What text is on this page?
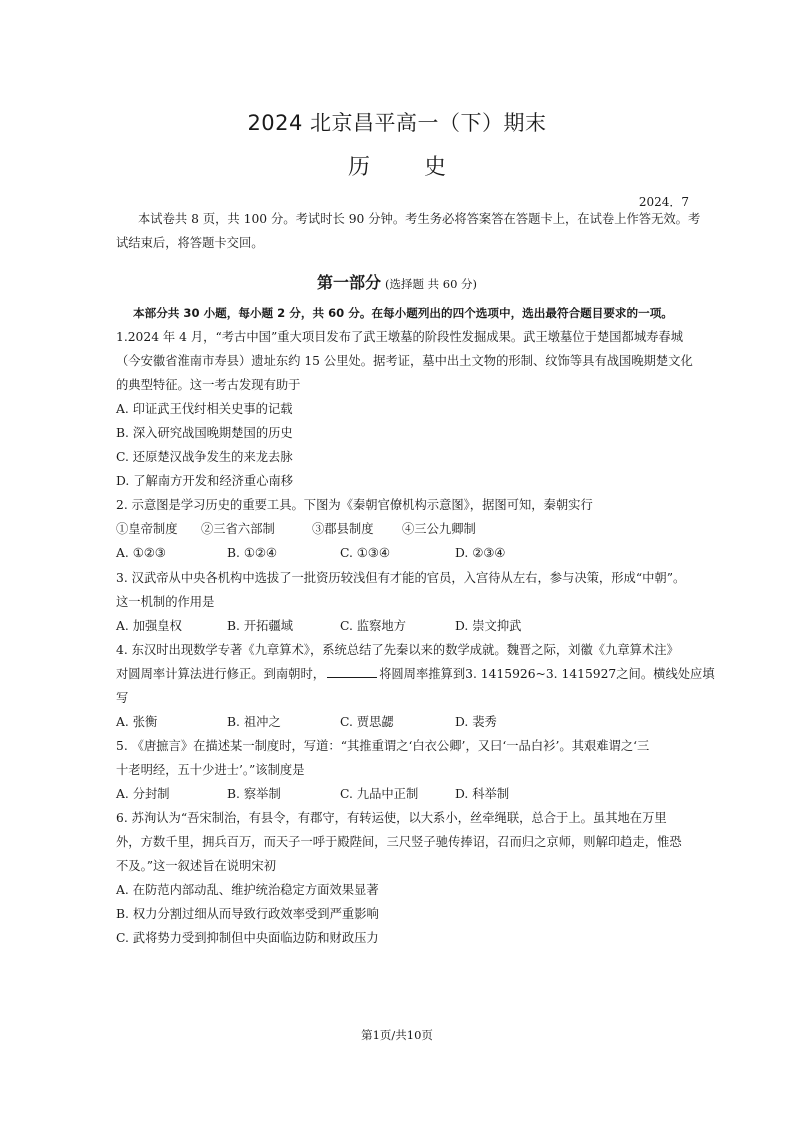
2024 北京昌平高一（下）期末
历 史
2024．7
本试卷共 8 页，共 100 分。考试时长 90 分钟。考生务必将答案答在答题卡上，在试卷上作答无效。考
试结束后，将答题卡交回。
第一部分 (选择题 共 60 分)
本部分共 30 小题，每小题 2 分，共 60 分。在每小题列出的四个选项中，选出最符合题目要求的一项。
1.2024 年 4 月，“考古中国”重大项目发布了武王墩墓的阶段性发掘成果。武王墩墓位于楚国都城寿春城
（今安徽省淮南市寿县）遗址东约 15 公里处。据考证，墓中出土文物的形制、纹饰等具有战国晚期楚文化
的典型特征。这一考古发现有助于
A. 印证武王伐纣相关史事的记载
B. 深入研究战国晚期楚国的历史
C. 还原楚汉战争发生的来龙去脉
D. 了解南方开发和经济重心南移
2. 示意图是学习历史的重要工具。下图为《秦朝官僚机构示意图》，据图可知，秦朝实行
①皇帝制度 ②三省六部制	③郡县制度 ④三公九卿制
A. ①②③	B. ①②④	C. ①③④	D. ②③④
3. 汉武帝从中央各机构中选拔了一批资历较浅但有才能的官员，入宫待从左右，参与决策，形成“中朝”。
这一机制的作用是
A. 加强皇权	B. 开拓疆域	C. 监察地方	D. 崇文抑武
4. 东汉时出现数学专著《九章算术》，系统总结了先秦以来的数学成就。魏晋之际，刘徽《九章算术注》
对圆周率计算法进行修正。到南朝时，	将圆周率推算到3. 1415926~3. 1415927之间。横线处应填
写
A. 张衡	B. 祖冲之	C. 贾思勰	D. 裴秀
5. 《唐摭言》在描述某一制度时，写道：“其推重谓之‘白衣公卿’，又曰‘一品白衫’。其艰难谓之‘三
十老明经，五十少进士’。”该制度是
A. 分封制	B. 察举制	C. 九品中正制	D. 科举制
6. 苏洵认为“吾宋制治，有县令，有郡守，有转运使，以大系小，丝牵绳联，总合于上。虽其地在万里
外，方数千里，拥兵百万，而天子一呼于殿陛间，三尺竖子驰传捧诏，召而归之京师，则解印趋走，惟恐
不及。”这一叙述旨在说明宋初
A. 在防范内部动乱、维护统治稳定方面效果显著
B. 权力分割过细从而导致行政效率受到严重影响
C. 武将势力受到抑制但中央面临边防和财政压力
第1页/共10页
